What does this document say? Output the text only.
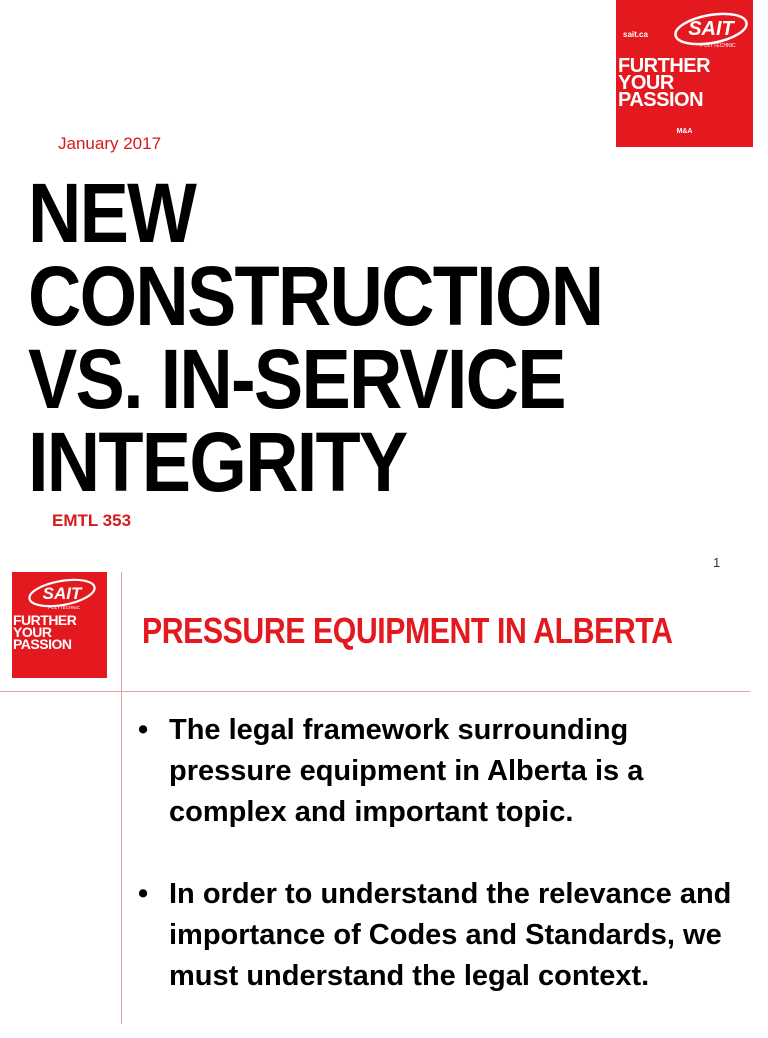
sait.ca SAIT
POLYTECHNIC
FURTHER
YOUR
PASSION
M&A
January 2017
NEW
CONSTRUCTION
VS. IN-SERVICE
INTEGRITY
EMTL 353
1
SAIT
POLYTECHNIC
FURTHER
YOUR
PASSION PRESSURE EQUIPMENT IN ALBERTA
• The legal framework surrounding pressure equipment in Alberta is a complex and important topic.
• In order to understand the relevance and importance of Codes and Standards, we must understand the legal context.
